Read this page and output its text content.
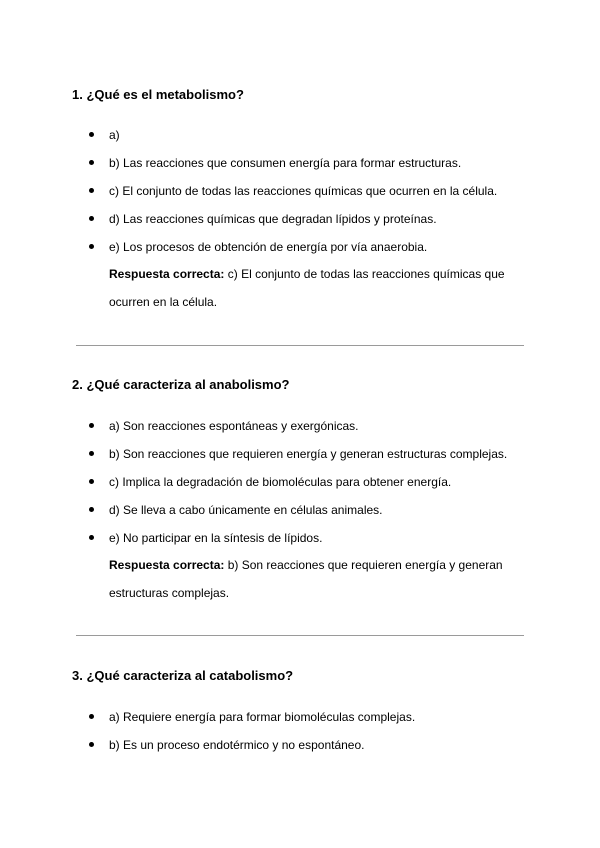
1. ¿Qué es el metabolismo?
a)
b) Las reacciones que consumen energía para formar estructuras.
c) El conjunto de todas las reacciones químicas que ocurren en la célula.
d) Las reacciones químicas que degradan lípidos y proteínas.
e) Los procesos de obtención de energía por vía anaerobia.
Respuesta correcta: c) El conjunto de todas las reacciones químicas que ocurren en la célula.
2. ¿Qué caracteriza al anabolismo?
a) Son reacciones espontáneas y exergónicas.
b) Son reacciones que requieren energía y generan estructuras complejas.
c) Implica la degradación de biomoléculas para obtener energía.
d) Se lleva a cabo únicamente en células animales.
e) No participar en la síntesis de lípidos.
Respuesta correcta: b) Son reacciones que requieren energía y generan estructuras complejas.
3. ¿Qué caracteriza al catabolismo?
a) Requiere energía para formar biomoléculas complejas.
b) Es un proceso endotérmico y no espontáneo.
